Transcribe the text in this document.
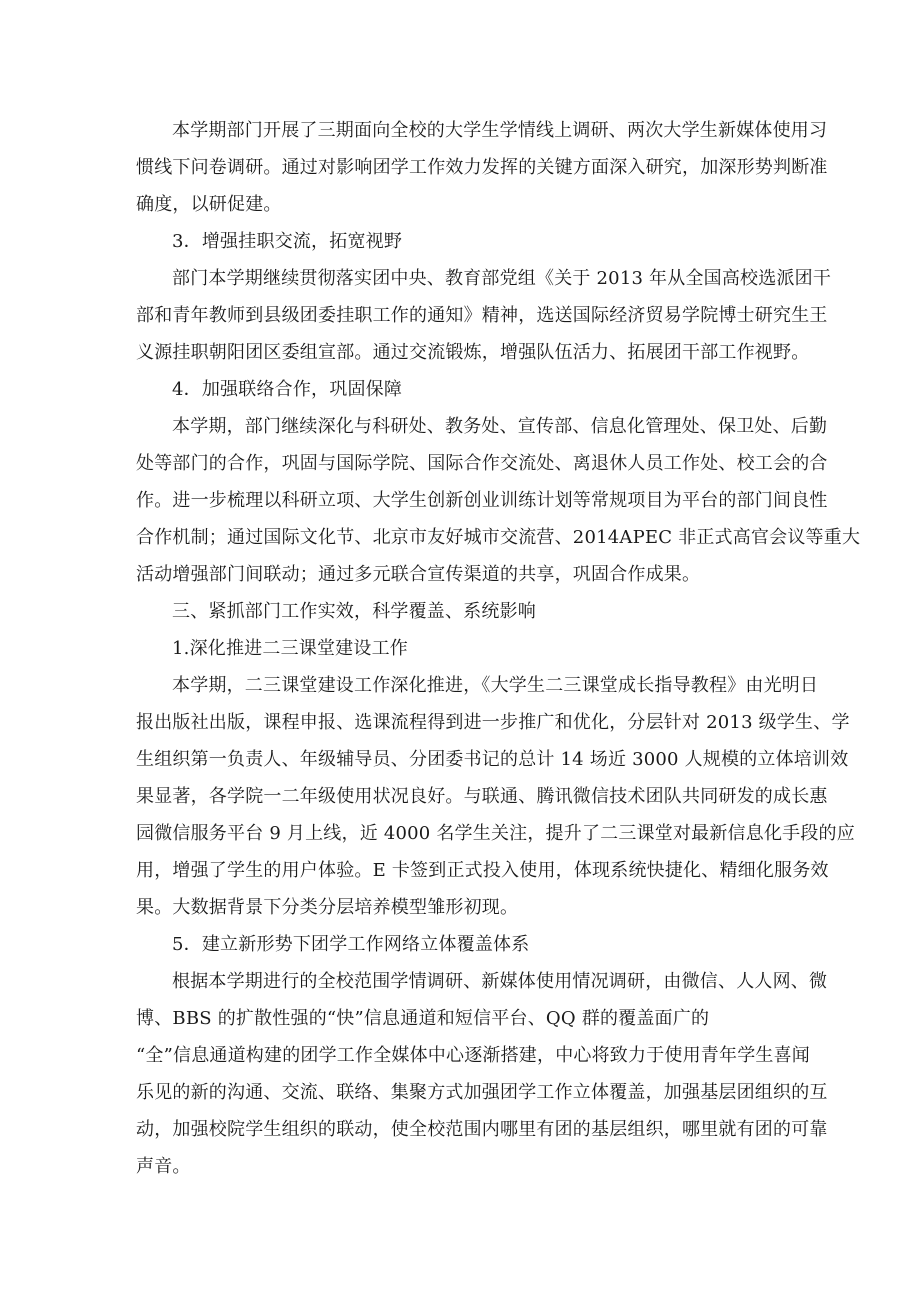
本学期部门开展了三期面向全校的大学生学情线上调研、两次大学生新媒体使用习
惯线下问卷调研。通过对影响团学工作效力发挥的关键方面深入研究，加深形势判断准
确度，以研促建。
3．增强挂职交流，拓宽视野
部门本学期继续贯彻落实团中央、教育部党组《关于 2013 年从全国高校选派团干
部和青年教师到县级团委挂职工作的通知》精神，选送国际经济贸易学院博士研究生王
义源挂职朝阳团区委组宣部。通过交流锻炼，增强队伍活力、拓展团干部工作视野。
4．加强联络合作，巩固保障
本学期，部门继续深化与科研处、教务处、宣传部、信息化管理处、保卫处、后勤
处等部门的合作，巩固与国际学院、国际合作交流处、离退休人员工作处、校工会的合
作。进一步梳理以科研立项、大学生创新创业训练计划等常规项目为平台的部门间良性
合作机制；通过国际文化节、北京市友好城市交流营、2014APEC 非正式高官会议等重大
活动增强部门间联动；通过多元联合宣传渠道的共享，巩固合作成果。
三、紧抓部门工作实效，科学覆盖、系统影响
1.深化推进二三课堂建设工作
本学期，二三课堂建设工作深化推进，《大学生二三课堂成长指导教程》由光明日
报出版社出版，课程申报、选课流程得到进一步推广和优化，分层针对 2013 级学生、学
生组织第一负责人、年级辅导员、分团委书记的总计 14 场近 3000 人规模的立体培训效
果显著，各学院一二年级使用状况良好。与联通、腾讯微信技术团队共同研发的成长惠
园微信服务平台 9 月上线，近 4000 名学生关注，提升了二三课堂对最新信息化手段的应
用，增强了学生的用户体验。E 卡签到正式投入使用，体现系统快捷化、精细化服务效
果。大数据背景下分类分层培养模型雏形初现。
5．建立新形势下团学工作网络立体覆盖体系
根据本学期进行的全校范围学情调研、新媒体使用情况调研，由微信、人人网、微
博、BBS 的扩散性强的“快”信息通道和短信平台、QQ 群的覆盖面广的
“全”信息通道构建的团学工作全媒体中心逐渐搭建，中心将致力于使用青年学生喜闻
乐见的新的沟通、交流、联络、集聚方式加强团学工作立体覆盖，加强基层团组织的互
动，加强校院学生组织的联动，使全校范围内哪里有团的基层组织，哪里就有团的可靠
声音。
